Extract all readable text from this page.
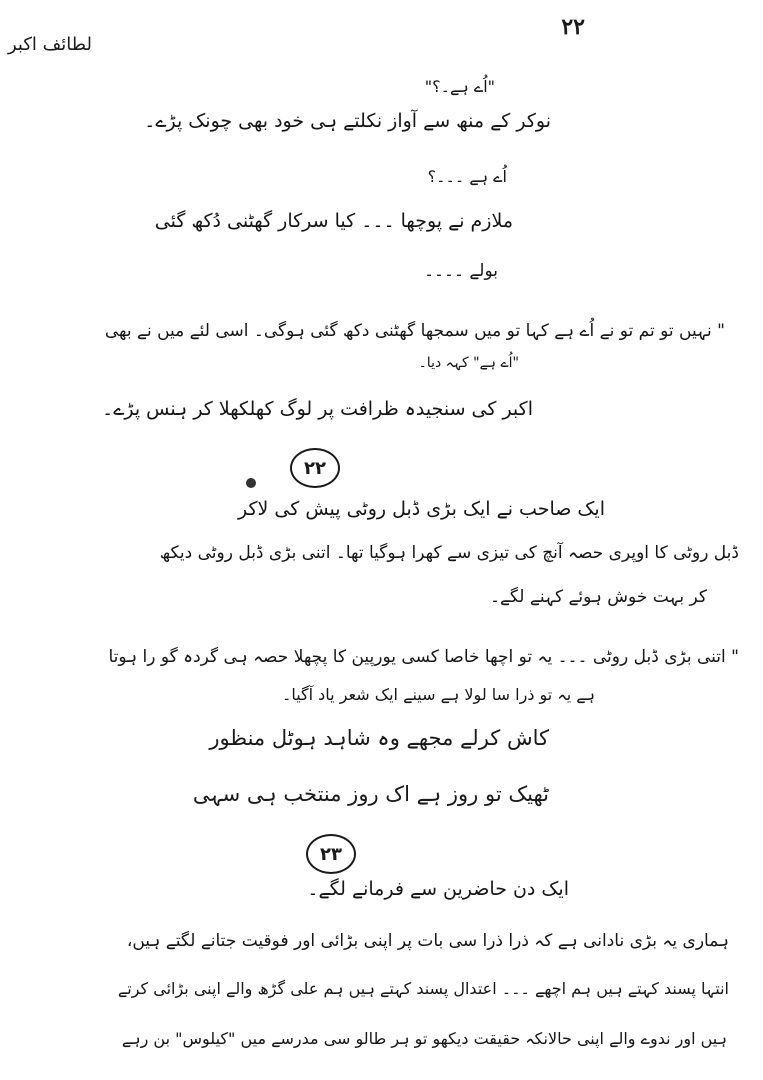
۲۲
لطائف اکبر
"اُے ہے۔؟"
نوکر کے منھ سے آواز نکلتے ہی خود بھی چونک پڑے۔
اُے ہے ۔۔۔؟
ملازم نے پوچھا ۔۔۔ کیا سرکار گھٹنی دُکھ گئی
بولے ۔۔۔۔
" نہیں تو تم تو نے اُے ہے کہا تو میں سمجھا گھٹنی دکھ گئی ہوگی۔ اسی لئے میں نے بھی
"اُے ہے" کہہ دیا۔
اکبر کی سنجیدہ ظرافت پر لوگ کھلکھلا کر ہنس پڑے۔
۲۲
ایک صاحب نے ایک بڑی ڈبل روٹی پیش کی لاکر
ڈبل روٹی کا اوپری حصہ آنچ کی تیزی سے کھرا ہوگیا تھا۔ اتنی بڑی ڈبل روٹی دیکھ
کر بہت خوش ہوئے کہنے لگے۔
" اتنی بڑی ڈبل روٹی ۔۔۔ یہ تو اچھا خاصا کسی یورپین کا پچھلا حصہ ہی گردہ گو را ہوتا
ہے یہ تو ذرا سا لولا ہے سینے ایک شعر یاد آگیا۔
کاش کرلے مجھے وہ شاہد ہوٹل منظور
ٹھیک تو روز ہے اک روز منتخب ہی سہی
۲۳
ایک دن حاضرین سے فرمانے لگے۔
ہماری یہ بڑی نادانی ہے کہ ذرا ذرا سی بات پر اپنی بڑائی اور فوقیت جتانے لگتے ہیں،
انتہا پسند کہتے ہیں ہم اچھے ۔۔۔ اعتدال پسند کہتے ہیں ہم علی گڑھ والے اپنی بڑائی کرتے
ہیں اور ندوے والے اپنی حالانکہ حقیقت دیکھو تو ہر طالو سی مدرسے میں "کیلوس" بن رہے
